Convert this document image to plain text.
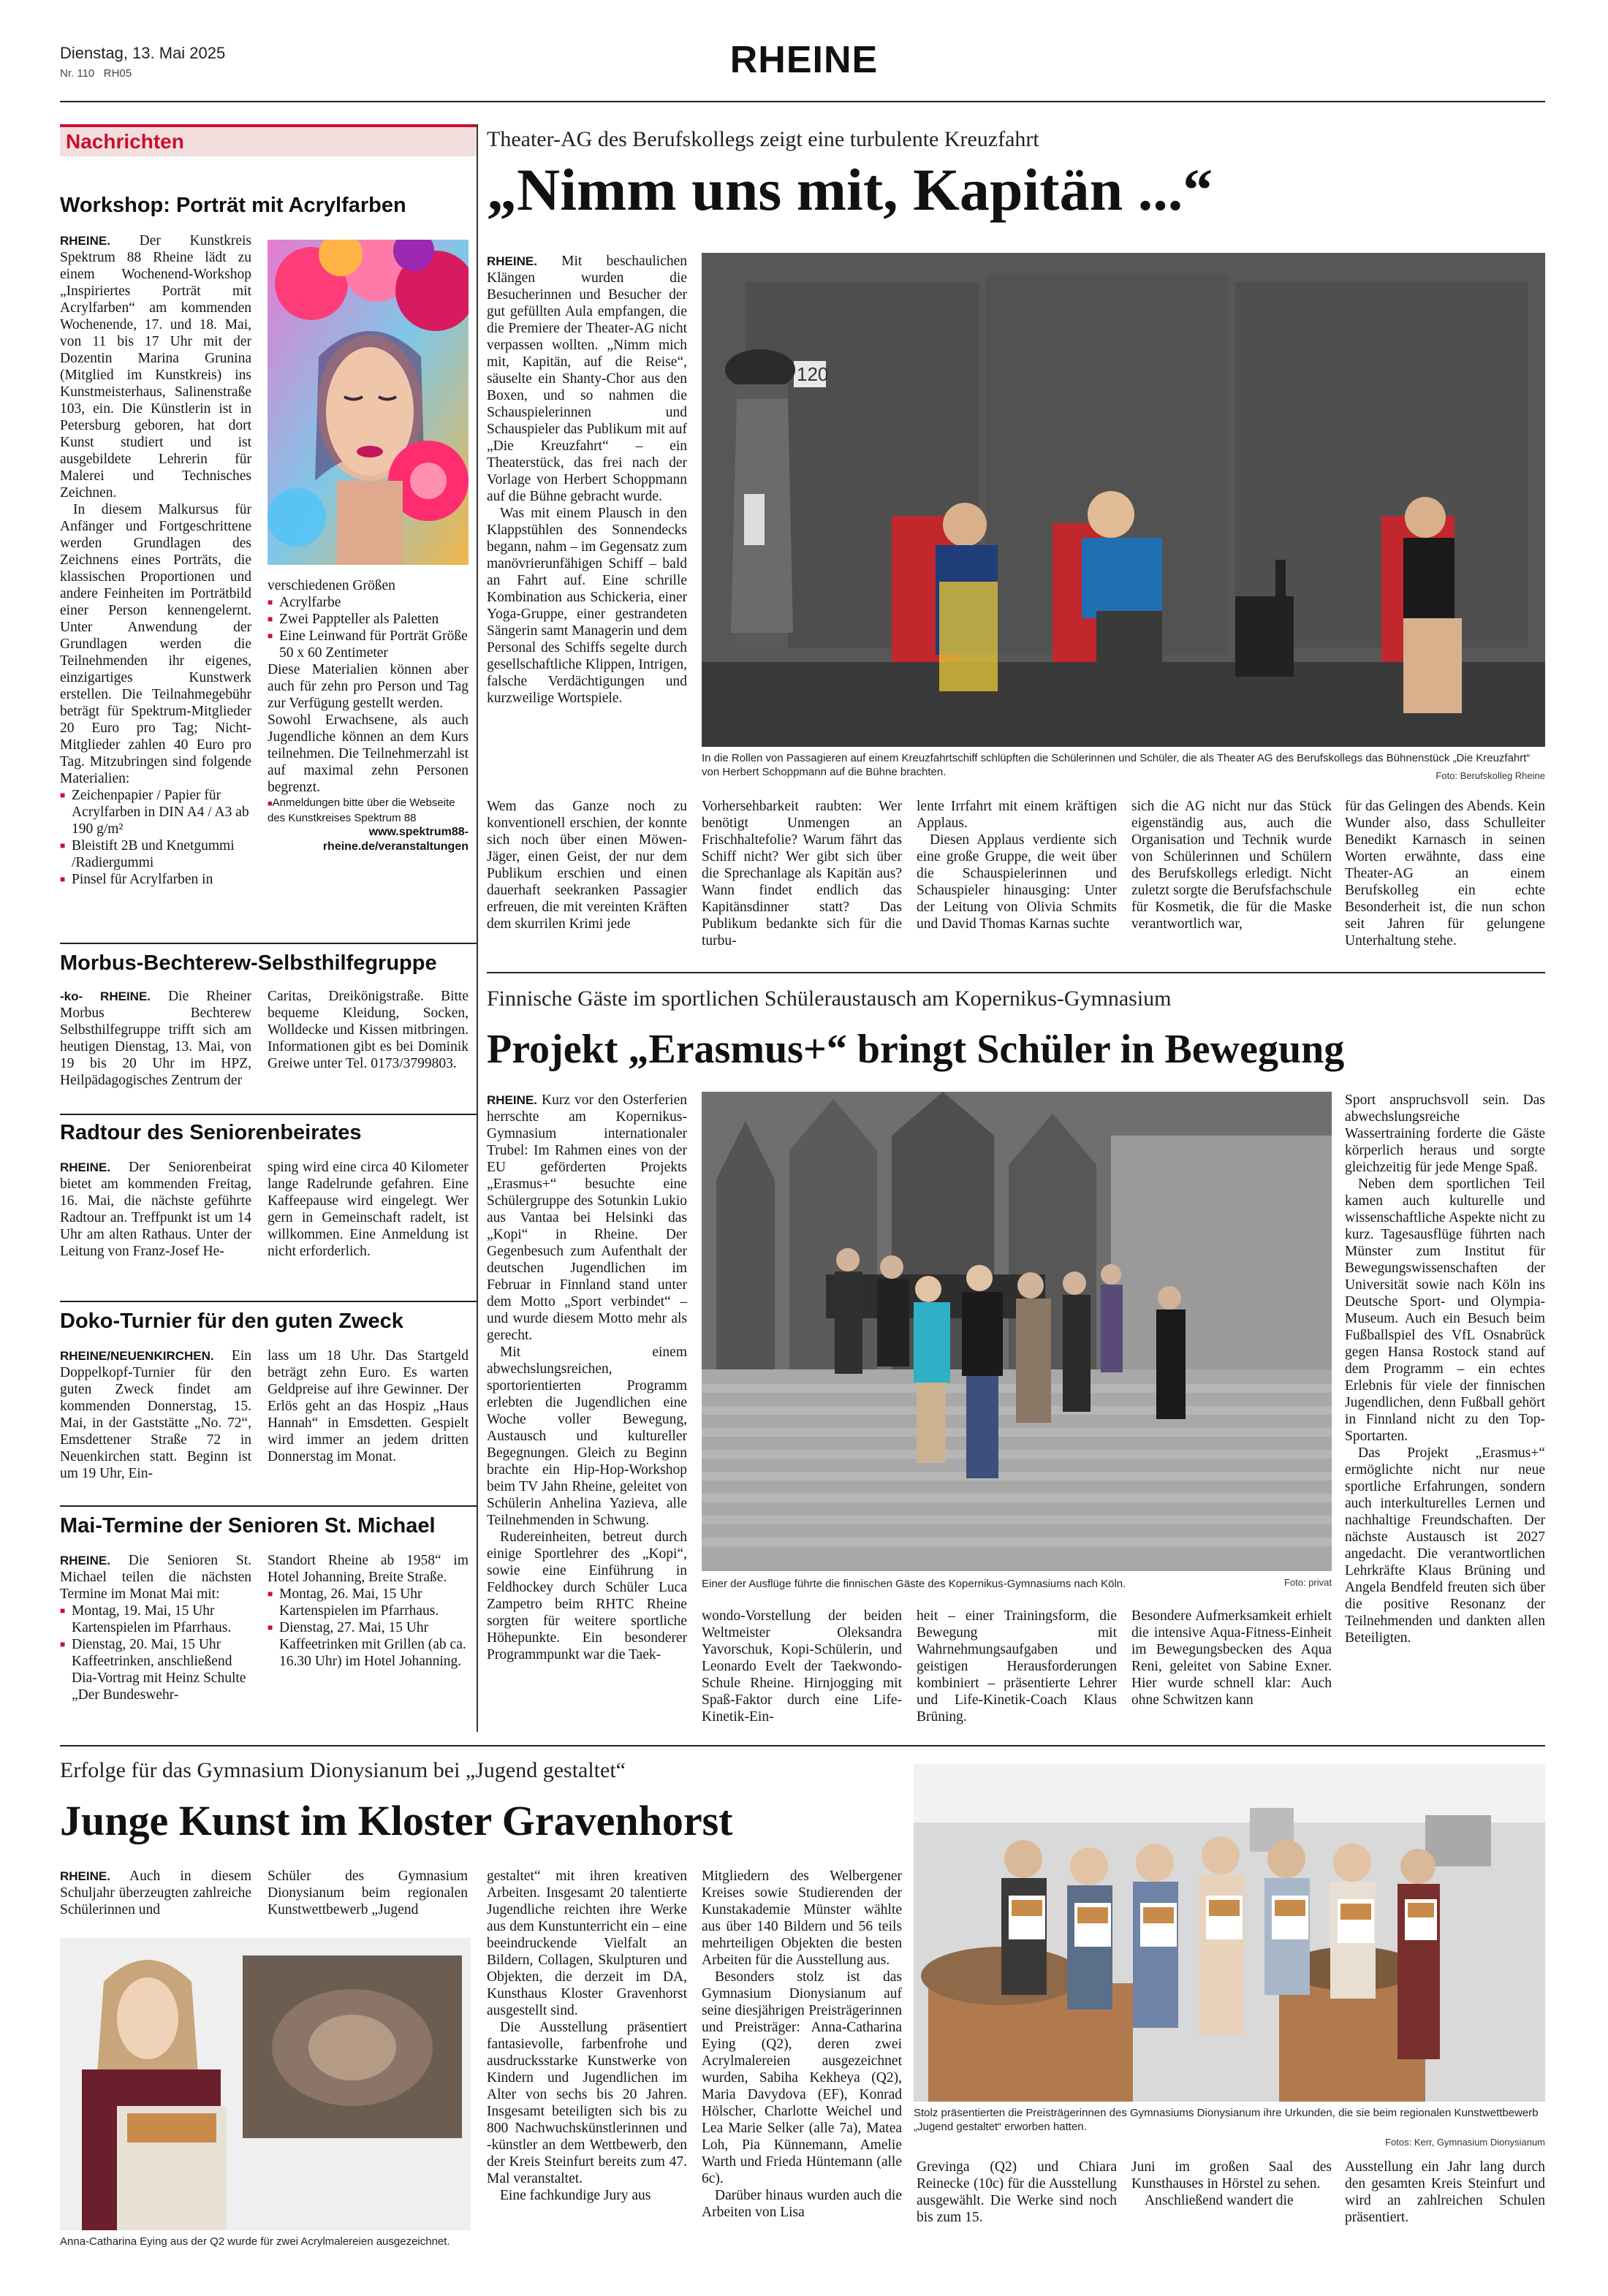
Dienstag, 13. Mai 2025
Nr. 110 RH05	RHEINE
Nachrichten
Workshop: Porträt mit Acrylfarben

RHEINE. Der Kunstkreis Spektrum 88 Rheine lädt zu einem Wochenend-Workshop „Inspiriertes Porträt mit Acrylfarben“ am kommenden Wochenende, 17. und 18. Mai, von 11 bis 17 Uhr mit der Dozentin Marina Grunina (Mitglied im Kunstkreis) ins Kunstmeisterhaus, Salinenstraße 103, ein. Die Künstlerin ist in Petersburg geboren, hat dort Kunst studiert und ist ausgebildete Lehrerin für Malerei und Technisches Zeichnen.

In diesem Malkursus für Anfänger und Fortgeschrittene werden Grundlagen des Zeichnens eines Porträts, die klassischen Proportionen und andere Feinheiten im Porträtbild einer Person kennengelernt. Unter Anwendung der Grundlagen werden die Teilnehmenden ihr eigenes, einzigartiges Kunstwerk erstellen. Die Teilnahmegebühr beträgt für Spektrum-Mitglieder 20 Euro pro Tag; Nicht-Mitglieder zahlen 40 Euro pro Tag. Mitzubringen sind folgende Materialien:

■ Zeichenpapier / Papier für Acrylfarben in DIN A4 / A3 ab 190 g/m²
■ Bleistift 2B und Knetgummi /Radiergummi
■ Pinsel für Acrylfarben in

verschiedenen Größen

■ Acrylfarbe
■ Zwei Pappteller als Paletten
■ Eine Leinwand für Porträt Größe 50 x 60 Zentimeter

Diese Materialien können aber auch für zehn pro Person und Tag zur Verfügung gestellt werden.

Sowohl Erwachsene, als auch Jugendliche können an dem Kurs teilnehmen. Die Teilnehmerzahl ist auf maximal zehn Personen begrenzt.

■Anmeldungen bitte über die Webseite des Kunstkreises Spektrum 88
www.spektrum88-rheine.de/veranstaltungen
Morbus-Bechterew-Selbsthilfegruppe

-ko- RHEINE. Die Rheiner Morbus Bechterew Selbsthilfegruppe trifft sich am heutigen Dienstag, 13. Mai, von 19 bis 20 Uhr im HPZ, Heilpädagogisches Zentrum der

Caritas, Dreikönigstraße. Bitte bequeme Kleidung, Socken, Wolldecke und Kissen mitbringen. Informationen gibt es bei Dominik Greiwe unter Tel. 0173/3799803.
Radtour des Seniorenbeirates

RHEINE. Der Seniorenbeirat bietet am kommenden Freitag, 16. Mai, die nächste geführte Radtour an. Treffpunkt ist um 14 Uhr am alten Rathaus. Unter der Leitung von Franz-Josef He-

sping wird eine circa 40 Kilometer lange Radelrunde gefahren. Eine Kaffeepause wird eingelegt. Wer gern in Gemeinschaft radelt, ist willkommen. Eine Anmeldung ist nicht erforderlich.
Doko-Turnier für den guten Zweck

RHEINE/NEUENKIRCHEN. Ein Doppelkopf-Turnier für den guten Zweck findet am kommenden Donnerstag, 15. Mai, in der Gaststätte „No. 72“, Emsdettener Straße 72 in Neuenkirchen statt. Beginn ist um 19 Uhr, Ein-

lass um 18 Uhr. Das Startgeld beträgt zehn Euro. Es warten Geldpreise auf ihre Gewinner. Der Erlös geht an das Hospiz „Haus Hannah“ in Emsdetten. Gespielt wird immer an jedem dritten Donnerstag im Monat.
Mai-Termine der Senioren St. Michael

RHEINE. Die Senioren St. Michael teilen die nächsten Termine im Monat Mai mit:

■ Montag, 19. Mai, 15 Uhr Kartenspielen im Pfarrhaus.
■ Dienstag, 20. Mai, 15 Uhr Kaffeetrinken, anschließend Dia-Vortrag mit Heinz Schulte „Der Bundeswehr-

Standort Rheine ab 1958“ im Hotel Johanning, Breite Straße.

■ Montag, 26. Mai, 15 Uhr Kartenspielen im Pfarrhaus.
■ Dienstag, 27. Mai, 15 Uhr Kaffeetrinken mit Grillen (ab ca. 16.30 Uhr) im Hotel Johanning.
Theater-AG des Berufskollegs zeigt eine turbulente Kreuzfahrt
„Nimm uns mit, Kapitän ...“

RHEINE. Mit beschaulichen Klängen wurden die Besucherinnen und Besucher der gut gefüllten Aula empfangen, die die Premiere der Theater-AG nicht verpassen wollten. „Nimm mich mit, Kapitän, auf die Reise“, säuselte ein Shanty-Chor aus den Boxen, und so nahmen die Schauspielerinnen und Schauspieler das Publikum mit auf „Die Kreuzfahrt“ – ein Theaterstück, das frei nach der Vorlage von Herbert Schoppmann auf die Bühne gebracht wurde.

Was mit einem Plausch in den Klappstühlen des Sonnendecks begann, nahm – im Gegensatz zum manövrierunfähigen Schiff – bald an Fahrt auf. Eine schrille Kombination aus Schickeria, einer Yoga-Gruppe, einer gestrandeten Sängerin samt Managerin und dem Personal des Schiffs segelte durch gesellschaftliche Klippen, Intrigen, falsche Verdächtigungen und kurzweilige Wortspiele.

120
In die Rollen von Passagieren auf einem Kreuzfahrtschiff schlüpften die Schülerinnen und Schüler, die als Theater AG des Berufskollegs das Bühnenstück „Die Kreuzfahrt“ von Herbert Schoppmann auf die Bühne brachten.	Foto: Berufskolleg Rheine

Wem das Ganze noch zu konventionell erschien, der konnte sich noch über einen Möwen-Jäger, einen Geist, der nur dem Publikum erschien und einen dauerhaft seekranken Passagier erfreuen, die mit vereinten Kräften dem skurrilen Krimi jede

Vorhersehbarkeit raubten: Wer benötigt Unmengen an Frischhaltefolie? Warum fährt das Schiff nicht? Wer gibt sich über die Sprechanlage als Kapitän aus? Wann findet endlich das Kapitänsdinner statt? Das Publikum bedankte sich für die turbu-

lente Irrfahrt mit einem kräftigen Applaus.

Diesen Applaus verdiente sich eine große Gruppe, die weit über die Schauspielerinnen und Schauspieler hinausging: Unter der Leitung von Olivia Schmits und David Thomas Karnas suchte

sich die AG nicht nur das Stück eigenständig aus, auch die Organisation und Technik wurde von Schülerinnen und Schülern des Berufskollegs erledigt. Nicht zuletzt sorgte die Berufsfachschule für Kosmetik, die für die Maske verantwortlich war,
für das Gelingen des Abends. Kein Wunder also, dass Schulleiter Benedikt Karnasch in seinen Worten erwähnte, dass eine Theater-AG an einem Berufskolleg ein echte Besonderheit ist, die nun schon seit Jahren für gelungene Unterhaltung stehe.
Finnische Gäste im sportlichen Schüleraustausch am Kopernikus-Gymnasium
Projekt „Erasmus+“ bringt Schüler in Bewegung

RHEINE. Kurz vor den Osterferien herrschte am Kopernikus-Gymnasium internationaler Trubel: Im Rahmen eines von der EU geförderten Projekts „Erasmus+“ besuchte eine Schülergruppe des Sotunkin Lukio aus Vantaa bei Helsinki das „Kopi“ in Rheine. Der Gegenbesuch zum Aufenthalt der deutschen Jugendlichen im Februar in Finnland stand unter dem Motto „Sport verbindet“ – und wurde diesem Motto mehr als gerecht.

Mit einem abwechslungsreichen, sportorientierten Programm erlebten die Jugendlichen eine Woche voller Bewegung, Austausch und kultureller Begegnungen. Gleich zu Beginn brachte ein Hip-Hop-Workshop beim TV Jahn Rheine, geleitet von Schülerin Anhelina Yazieva, alle Teilnehmenden in Schwung.

Rudereinheiten, betreut durch einige Sportlehrer des „Kopi“, sowie eine Einführung in Feldhockey durch Schüler Luca Zampetro beim RHTC Rheine sorgten für weitere sportliche Höhepunkte. Ein besonderer Programmpunkt war die Taek-

Einer der Ausflüge führte die finnischen Gäste des Kopernikus-Gymnasiums nach Köln.	Foto: privat
wondo-Vorstellung der beiden Weltmeister Oleksandra Yavorschuk, Kopi-Schülerin, und Leonardo Evelt der Taekwondo-Schule Rheine. Hirnjogging mit Spaß-Faktor durch eine Life-Kinetik-Ein-
heit – einer Trainingsform, die Bewegung mit Wahrnehmungsaufgaben und geistigen Herausforderungen kombiniert – präsentierte Lehrer und Life-Kinetik-Coach Klaus Brüning.

Besondere Aufmerksamkeit erhielt die intensive Aqua-Fitness-Einheit im Bewegungsbecken des Aqua Reni, geleitet von Sabine Exner. Hier wurde schnell klar: Auch ohne Schwitzen kann

Sport anspruchsvoll sein. Das abwechslungsreiche Wassertraining forderte die Gäste körperlich heraus und sorgte gleichzeitig für jede Menge Spaß.

Neben dem sportlichen Teil kamen auch kulturelle und wissenschaftliche Aspekte nicht zu kurz. Tagesausflüge führten nach Münster zum Institut für Bewegungswissenschaften der Universität sowie nach Köln ins Deutsche Sport- und Olympia-Museum. Auch ein Besuch beim Fußballspiel des VfL Osnabrück gegen Hansa Rostock stand auf dem Programm – ein echtes Erlebnis für viele der finnischen Jugendlichen, denn Fußball gehört in Finnland nicht zu den Top-Sportarten.

Das Projekt „Erasmus+“ ermöglichte nicht nur neue sportliche Erfahrungen, sondern auch interkulturelles Lernen und nachhaltige Freundschaften. Der nächste Austausch ist 2027 angedacht. Die verantwortlichen Lehrkräfte Klaus Brüning und Angela Bendfeld freuten sich über die positive Resonanz der Teilnehmenden und dankten allen Beteiligten.

Erfolge für das Gymnasium Dionysianum bei „Jugend gestaltet“
Junge Kunst im Kloster Gravenhorst

RHEINE. Auch in diesem Schuljahr überzeugten zahlreiche Schülerinnen und

Schüler des Gymnasium Dionysianum beim regionalen Kunstwettbewerb „Jugend
Anna-Catharina Eying aus der Q2 wurde für zwei Acrylmalereien ausgezeichnet.

gestaltet“ mit ihren kreativen Arbeiten. Insgesamt 20 talentierte Jugendliche reichten ihre Werke aus dem Kunstunterricht ein – eine beeindruckende Vielfalt an Bildern, Collagen, Skulpturen und Objekten, die derzeit im DA, Kunsthaus Kloster Gravenhorst ausgestellt sind.

Die Ausstellung präsentiert fantasievolle, farbenfrohe und ausdrucksstarke Kunstwerke von Kindern und Jugendlichen im Alter von sechs bis 20 Jahren. Insgesamt beteiligten sich bis zu 800 Nachwuchskünstlerinnen und -künstler an dem Wettbewerb, den der Kreis Steinfurt bereits zum 47. Mal veranstaltet.

Eine fachkundige Jury aus

Mitgliedern des Welbergener Kreises sowie Studierenden der Kunstakademie Münster wählte aus über 140 Bildern und 56 teils mehrteiligen Objekten die besten Arbeiten für die Ausstellung aus.

Besonders stolz ist das Gymnasium Dionysianum auf seine diesjährigen Preisträgerinnen und Preisträger: Anna-Catharina Eying (Q2), deren zwei Acrylmalereien ausgezeichnet wurden, Sabiha Kekheya (Q2), Maria Davydova (EF), Konrad Hölscher, Charlotte Weichel und Lea Marie Selker (alle 7a), Matea Loh, Pia Künnemann, Amelie Warth und Frieda Hüntemann (alle 6c).

Darüber hinaus wurden auch die Arbeiten von Lisa

Stolz präsentierten die Preisträgerinnen des Gymnasiums Dionysianum ihre Urkunden, die sie beim regionalen Kunstwettbewerb „Jugend gestaltet“ erworben hatten.
Fotos: Kerr, Gymnasium Dionysianum
Grevinga (Q2) und Chiara Reinecke (10c) für die Ausstellung ausgewählt. Die Werke sind noch bis zum 15.

Juni im großen Saal des Kunsthauses in Hörstel zu sehen.

Anschließend wandert die

Ausstellung ein Jahr lang durch den gesamten Kreis Steinfurt und wird an zahlreichen Schulen präsentiert.
